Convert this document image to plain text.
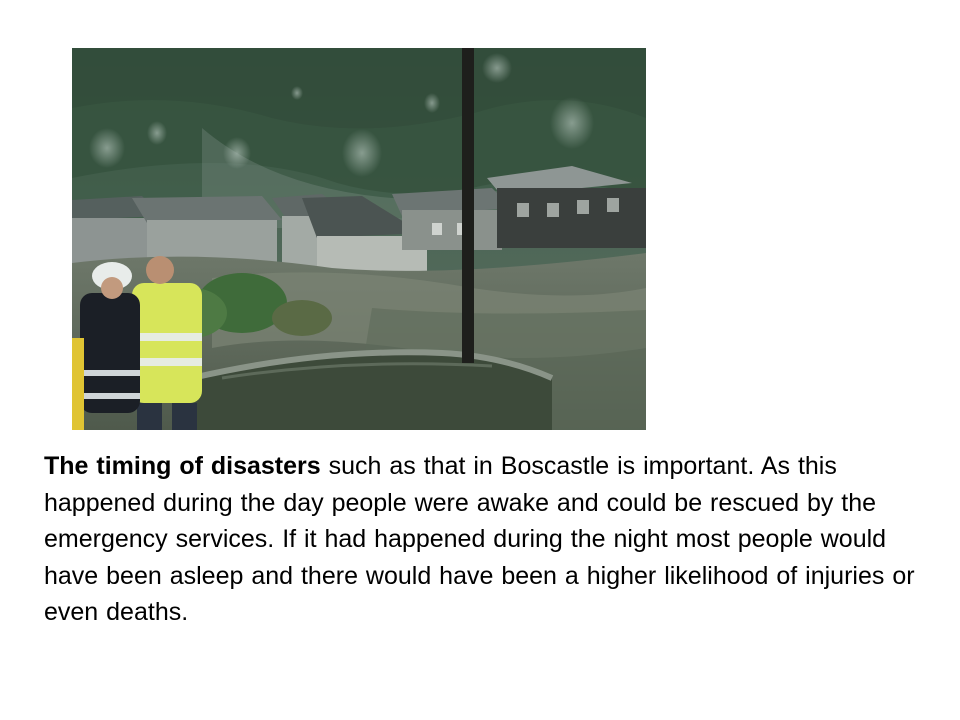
The timing of disasters such as that in Boscastle is important. As this happened during the day people were awake and could be rescued by the emergency services. If it had happened during the night most people would have been asleep and there would have been a higher likelihood of injuries or even deaths.
